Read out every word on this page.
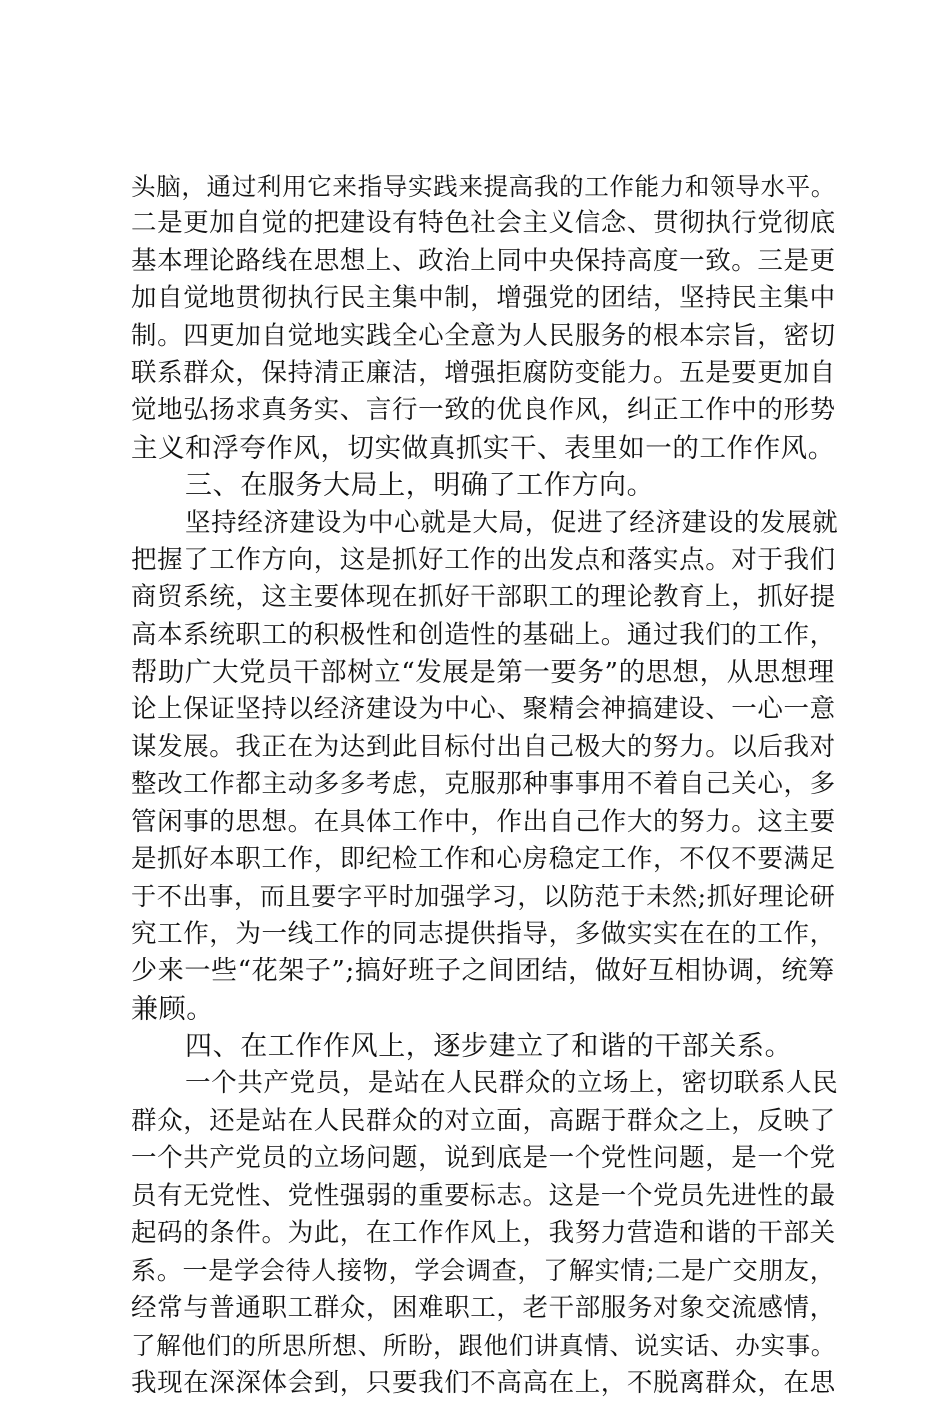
头脑，通过利用它来指导实践来提高我的工作能力和领导水平。
二是更加自觉的把建设有特色社会主义信念、贯彻执行党彻底
基本理论路线在思想上、政治上同中央保持高度一致。三是更
加自觉地贯彻执行民主集中制，增强党的团结，坚持民主集中
制。四更加自觉地实践全心全意为人民服务的根本宗旨，密切
联系群众，保持清正廉洁，增强拒腐防变能力。五是要更加自
觉地弘扬求真务实、言行一致的优良作风，纠正工作中的形势
主义和浮夸作风，切实做真抓实干、表里如一的工作作风。
三、在服务大局上，明确了工作方向。
坚持经济建设为中心就是大局，促进了经济建设的发展就
把握了工作方向，这是抓好工作的出发点和落实点。对于我们
商贸系统，这主要体现在抓好干部职工的理论教育上，抓好提
高本系统职工的积极性和创造性的基础上。通过我们的工作，
帮助广大党员干部树立“发展是第一要务”的思想，从思想理
论上保证坚持以经济建设为中心、聚精会神搞建设、一心一意
谋发展。我正在为达到此目标付出自己极大的努力。以后我对
整改工作都主动多多考虑，克服那种事事用不着自己关心，多
管闲事的思想。在具体工作中，作出自己作大的努力。这主要
是抓好本职工作，即纪检工作和心房稳定工作，不仅不要满足
于不出事，而且要字平时加强学习，以防范于未然;抓好理论研
究工作，为一线工作的同志提供指导，多做实实在在的工作，
少来一些“花架子”;搞好班子之间团结，做好互相协调，统筹
兼顾。
四、在工作作风上，逐步建立了和谐的干部关系。
一个共产党员，是站在人民群众的立场上，密切联系人民
群众，还是站在人民群众的对立面，高踞于群众之上，反映了
一个共产党员的立场问题，说到底是一个党性问题，是一个党
员有无党性、党性强弱的重要标志。这是一个党员先进性的最
起码的条件。为此，在工作作风上，我努力营造和谐的干部关
系。一是学会待人接物，学会调查，了解实情;二是广交朋友，
经常与普通职工群众，困难职工，老干部服务对象交流感情，
了解他们的所思所想、所盼，跟他们讲真情、说实话、办实事。
我现在深深体会到，只要我们不高高在上，不脱离群众，在思
